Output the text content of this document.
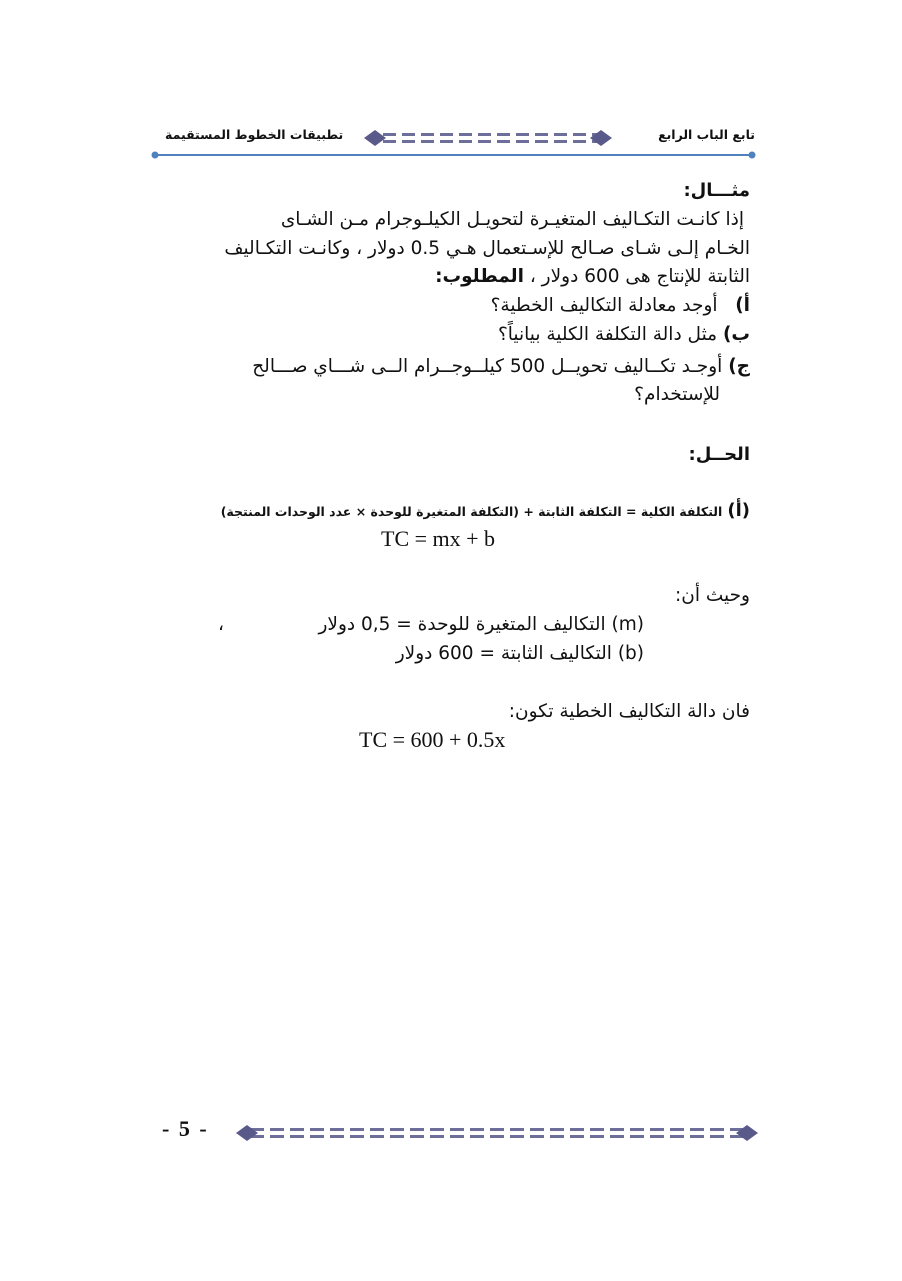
تابع الباب الرابع
تطبيقات الخطوط المستقيمة
مثـــال:
إذا كانـت التكـاليف المتغيـرة لتحويـل الكيلـوجرام مـن الشـاى
الخـام إلـى شـاى صـالح للإسـتعمال هـي 0.5 دولار ، وكانـت التكـاليف
الثابتة للإنتاج هى 600 دولار ، المطلوب:
أ)   أوجد معادلة التكاليف الخطية؟
ب) مثل دالة التكلفة الكلية بيانياً؟
ج) أوجـد تكــاليف تحويــل 500 كيلــوجــرام الــى شـــاي صـــالح
للإستخدام؟
الحــل:
(أ) التكلفة الكلية = التكلفة الثابتة + (التكلفة المتغيرة للوحدة × عدد الوحدات المنتجة)
TC = mx + b
وحيث أن:
(m) التكاليف المتغيرة للوحدة = 0,5 دولار
،
(b) التكاليف الثابتة = 600 دولار
فان دالة التكاليف الخطية تكون:
TC = 600 + 0.5x
- 5 -
